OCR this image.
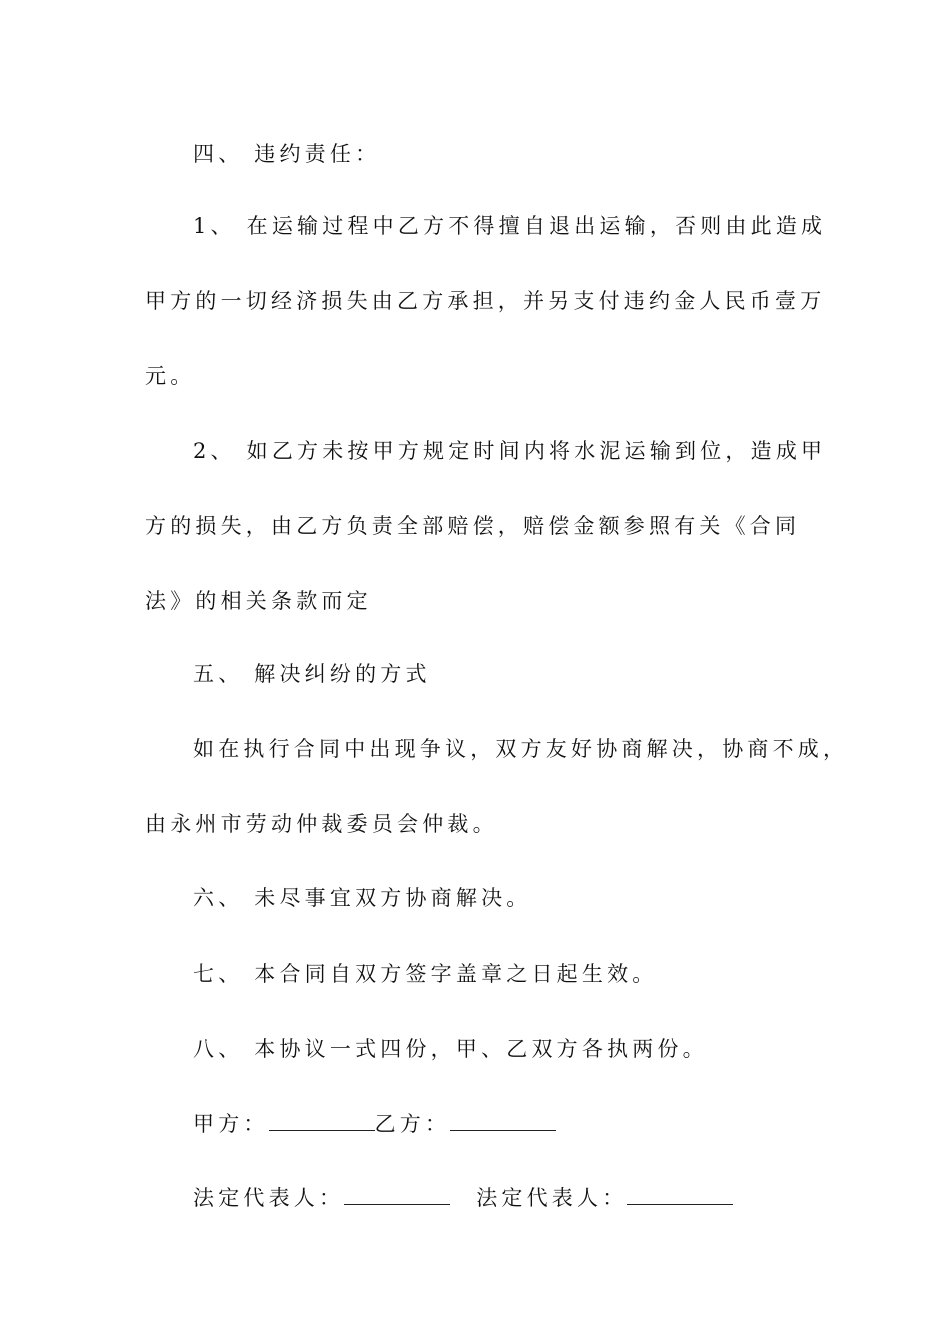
四、 违约责任：
1、 在运输过程中乙方不得擅自退出运输，否则由此造成
甲方的一切经济损失由乙方承担，并另支付违约金人民币壹万
元。
2、 如乙方未按甲方规定时间内将水泥运输到位，造成甲
方的损失，由乙方负责全部赔偿，赔偿金额参照有关《合同
法》的相关条款而定
五、 解决纠纷的方式
如在执行合同中出现争议，双方友好协商解决，协商不成，
由永州市劳动仲裁委员会仲裁。
六、 未尽事宜双方协商解决。
七、 本合同自双方签字盖章之日起生效。
八、 本协议一式四份，甲、乙双方各执两份。
甲方：	乙方：
法定代表人：	法定代表人：
